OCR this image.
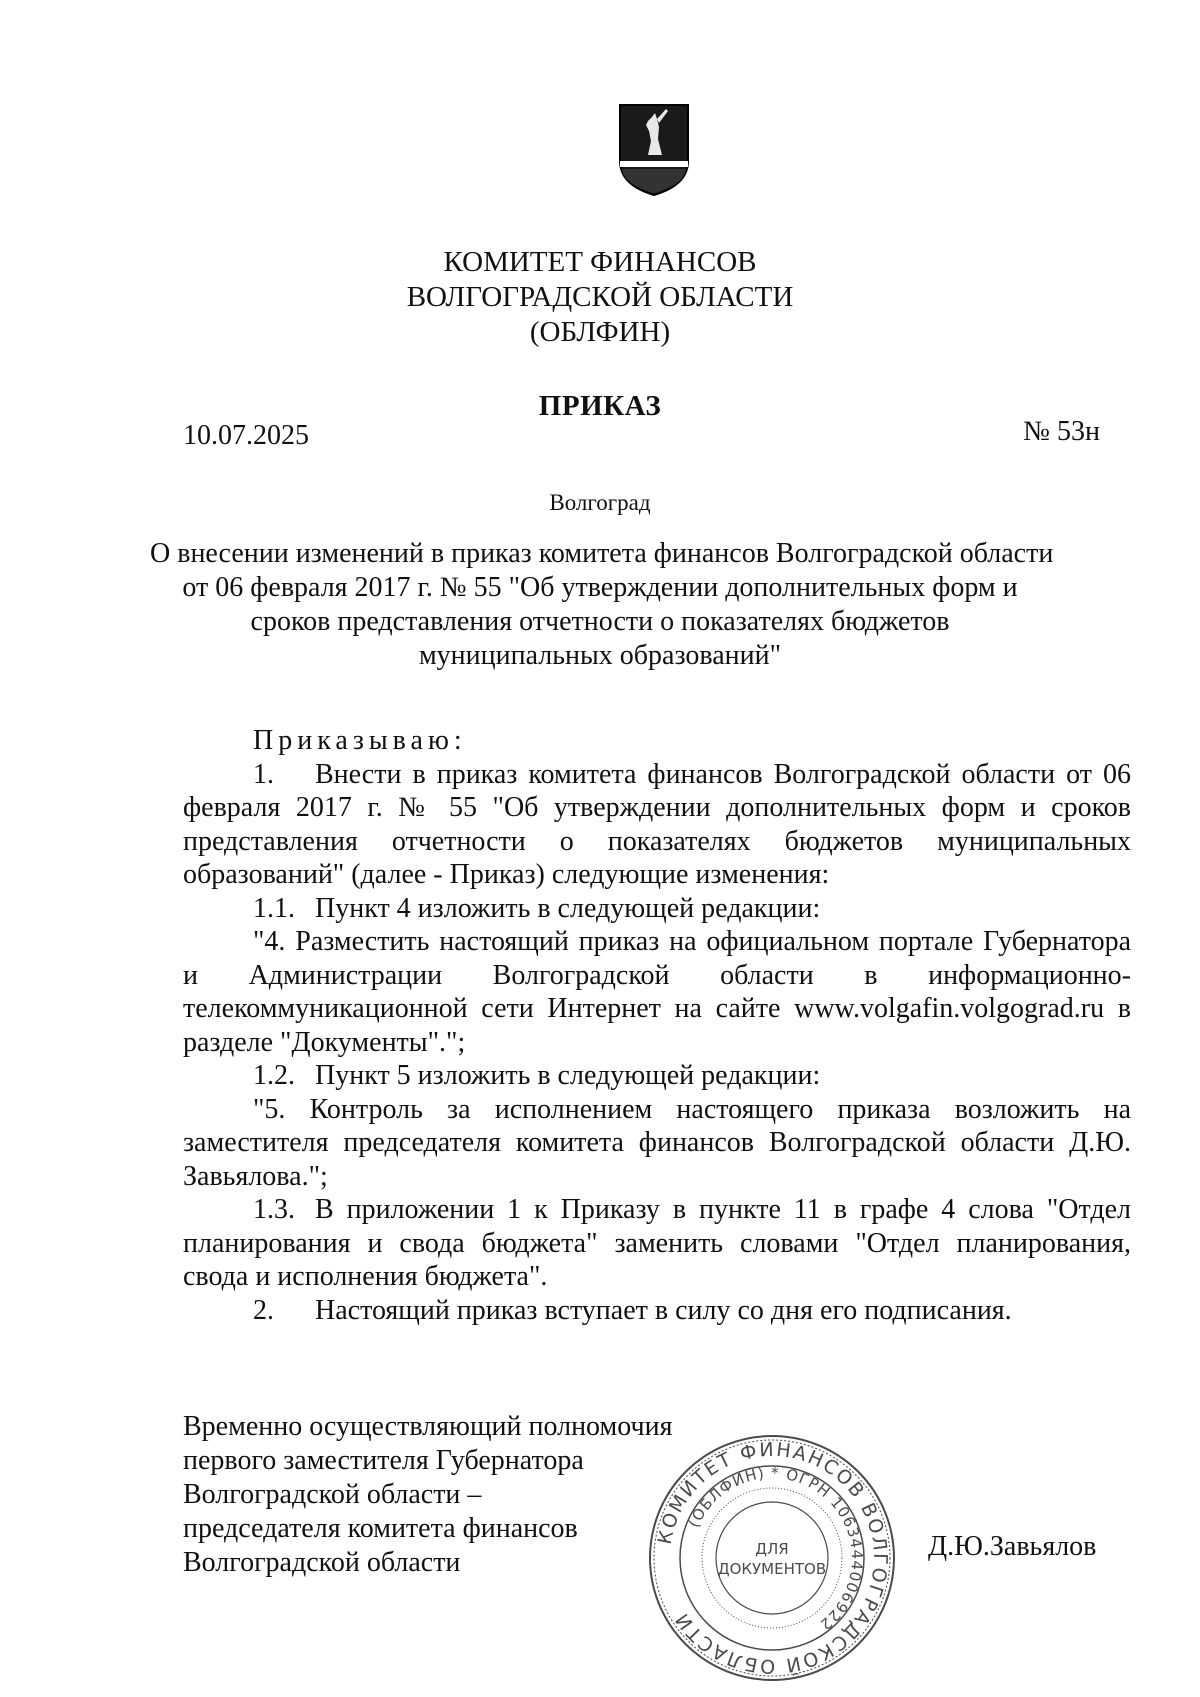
КОМИТЕТ ФИНАНСОВ
ВОЛГОГРАДСКОЙ ОБЛАСТИ
(ОБЛФИН)
ПРИКАЗ
10.07.2025	№ 53н
Волгоград
О внесении изменений в приказ комитета финансов Волгоградской области
от 06 февраля 2017 г. № 55 "Об утверждении дополнительных форм и
сроков представления отчетности о показателях бюджетов
муниципальных образований"
Приказываю:
1. Внести в приказ комитета финансов Волгоградской области от 06 февраля 2017 г. № 55 "Об утверждении дополнительных форм и сроков представления отчетности о показателях бюджетов муниципальных образований" (далее - Приказ) следующие изменения:
1.1. Пункт 4 изложить в следующей редакции:
"4. Разместить настоящий приказ на официальном портале Губернатора и Администрации Волгоградской области в информационно-телекоммуникационной сети Интернет на сайте www.volgafin.volgograd.ru в разделе "Документы".";
1.2. Пункт 5 изложить в следующей редакции:
"5. Контроль за исполнением настоящего приказа возложить на заместителя председателя комитета финансов Волгоградской области Д.Ю. Завьялова.";
1.3. В приложении 1 к Приказу в пункте 11 в графе 4 слова "Отдел планирования и свода бюджета" заменить словами "Отдел планирования, свода и исполнения бюджета".
2. Настоящий приказ вступает в силу со дня его подписания.
Временно осуществляющий полномочия
первого заместителя Губернатора
Волгоградской области –
председателя комитета финансов
Волгоградской области
Д.Ю.Завьялов
КОМИТЕТ ФИНАНСОВ ВОЛГОГРАДСКОЙ ОБЛАСТИ
(ОБЛФИН) * ОГРН 1063444006922
ДЛЯ
ДОКУМЕНТОВ
